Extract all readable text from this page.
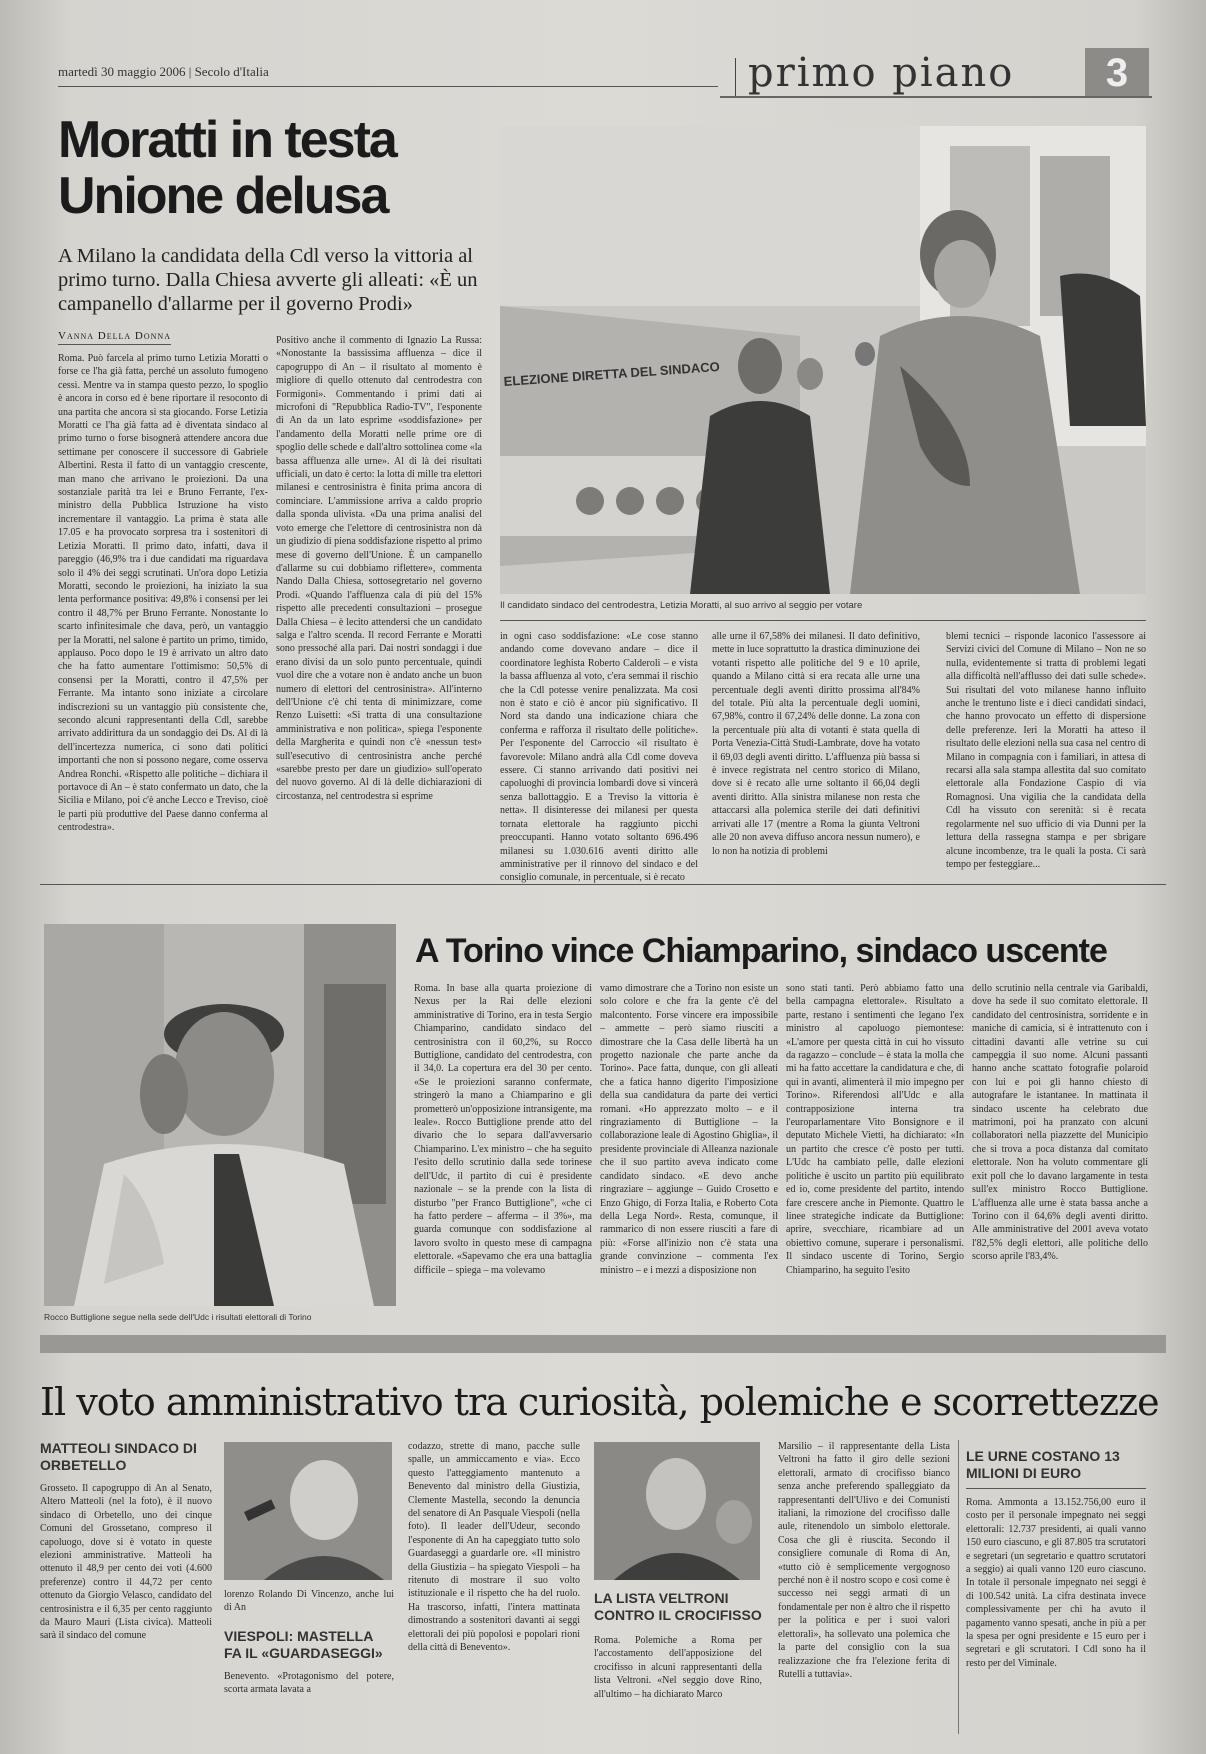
martedì 30 maggio 2006 | Secolo d'Italia	primo piano	3
Moratti in testa Unione delusa
A Milano la candidata della Cdl verso la vittoria al primo turno. Dalla Chiesa avverte gli alleati: «È un campanello d'allarme per il governo Prodi»
Vanna Della Donna
Roma. Può farcela al primo turno Letizia Moratti o forse ce l'ha già fatta, perché un assoluto fumogeno cessi. Mentre va in stampa questo pezzo, lo spoglio è ancora in corso ed è bene riportare il resoconto di una partita che ancora si sta giocando. Forse Letizia Moratti ce l'ha già fatta ad è diventata sindaco al primo turno o forse bisognerà attendere ancora due settimane per conoscere il successore di Gabriele Albertini. Resta il fatto di un vantaggio crescente, man mano che arrivano le proiezioni. Da una sostanziale parità tra lei e Bruno Ferrante, l'ex-ministro della Pubblica Istruzione ha visto incrementare il vantaggio. La prima è stata alle 17.05 e ha provocato sorpresa tra i sostenitori di Letizia Moratti. Il primo dato, infatti, dava il pareggio (46,9% tra i due candidati ma riguardava solo il 4% dei seggi scrutinati. Un'ora dopo Letizia Moratti, secondo le proiezioni, ha iniziato la sua lenta performance positiva: 49,8% i consensi per lei contro il 48,7% per Bruno Ferrante. Nonostante lo scarto infinitesimale che dava, però, un vantaggio per la Moratti, nel salone è partito un primo, timido, applauso. Poco dopo le 19 è arrivato un altro dato che ha fatto aumentare l'ottimismo: 50,5% di consensi per la Moratti, contro il 47,5% per Ferrante. Ma intanto sono iniziate a circolare indiscrezioni su un vantaggio più consistente che, secondo alcuni rappresentanti della Cdl, sarebbe arrivato addirittura da un sondaggio dei Ds. Al di là dell'incertezza numerica, ci sono dati politici importanti che non si possono negare, come osserva Andrea Ronchi. «Rispetto alle politiche – dichiara il portavoce di An – è stato confermato un dato, che la Sicilia e Milano, poi c'è anche Lecco e Treviso, cioè le parti più produttive del Paese danno conferma al centrodestra».
Positivo anche il commento di Ignazio La Russa: «Nonostante la bassissima affluenza – dice il capogruppo di An – il risultato al momento è migliore di quello ottenuto dal centrodestra con Formigoni». Commentando i primi dati ai microfoni di "Repubblica Radio-TV", l'esponente di An da un lato esprime «soddisfazione» per l'andamento della Moratti nelle prime ore di spoglio delle schede e dall'altro sottolinea come «la bassa affluenza alle urne». Al di là dei risultati ufficiali, un dato è certo: la lotta di mille tra elettori milanesi e centrosinistra è finita prima ancora di cominciare. L'ammissione arriva a caldo proprio dalla sponda ulivista. «Da una prima analisi del voto emerge che l'elettore di centrosinistra non dà un giudizio di piena soddisfazione rispetto al primo mese di governo dell'Unione. È un campanello d'allarme su cui dobbiamo riflettere», commenta Nando Dalla Chiesa, sottosegretario nel governo Prodi. «Quando l'affluenza cala di più del 15% rispetto alle precedenti consultazioni – prosegue Dalla Chiesa – è lecito attendersi che un candidato salga e l'altro scenda. Il record Ferrante e Moratti sono pressoché alla pari. Dai nostri sondaggi i due erano divisi da un solo punto percentuale, quindi vuol dire che a votare non è andato anche un buon numero di elettori del centrosinistra». All'interno dell'Unione c'è chi tenta di minimizzare, come Renzo Luisetti: «Si tratta di una consultazione amministrativa e non politica», spiega l'esponente della Margherita e quindi non c'è «nessun test» sull'esecutivo di centrosinistra anche perché «sarebbe presto per dare un giudizio» sull'operato del nuovo governo. Al di là delle dichiarazioni di circostanza, nel centrodestra si esprime
ELEZIONE DIRETTA DEL SINDACO
Il candidato sindaco del centrodestra, Letizia Moratti, al suo arrivo al seggio per votare
in ogni caso soddisfazione: «Le cose stanno andando come dovevano andare – dice il coordinatore leghista Roberto Calderoli – e vista la bassa affluenza al voto, c'era semmai il rischio che la Cdl potesse venire penalizzata. Ma così non è stato e ciò è ancor più significativo. Il Nord sta dando una indicazione chiara che conferma e rafforza il risultato delle politiche». Per l'esponente del Carroccio «il risultato è favorevole: Milano andrà alla Cdl come doveva essere. Ci stanno arrivando dati positivi nei capoluoghi di provincia lombardi dove si vincerà senza ballottaggio. E a Treviso la vittoria è netta». Il disinteresse dei milanesi per questa tornata elettorale ha raggiunto picchi preoccupanti. Hanno votato soltanto 696.496 milanesi su 1.030.616 aventi diritto alle amministrative per il rinnovo del sindaco e del consiglio comunale, in percentuale, si è recato
alle urne il 67,58% dei milanesi. Il dato definitivo, mette in luce soprattutto la drastica diminuzione dei votanti rispetto alle politiche del 9 e 10 aprile, quando a Milano città si era recata alle urne una percentuale degli aventi diritto prossima all'84% del totale. Più alta la percentuale degli uomini, 67,98%, contro il 67,24% delle donne. La zona con la percentuale più alta di votanti è stata quella di Porta Venezia-Città Studi-Lambrate, dove ha votato il 69,03 degli aventi diritto. L'affluenza più bassa si è invece registrata nel centro storico di Milano, dove si è recato alle urne soltanto il 66,04 degli aventi diritto. Alla sinistra milanese non resta che attaccarsi alla polemica sterile dei dati definitivi arrivati alle 17 (mentre a Roma la giunta Veltroni alle 20 non aveva diffuso ancora nessun numero), e lo non ha notizia di problemi
blemi tecnici – risponde laconico l'assessore ai Servizi civici del Comune di Milano – Non ne so nulla, evidentemente si tratta di problemi legati alla difficoltà nell'afflusso dei dati sulle schede». Sui risultati del voto milanese hanno influito anche le trentuno liste e i dieci candidati sindaci, che hanno provocato un effetto di dispersione delle preferenze. Ieri la Moratti ha atteso il risultato delle elezioni nella sua casa nel centro di Milano in compagnia con i familiari, in attesa di recarsi alla sala stampa allestita dal suo comitato elettorale alla Fondazione Caspio di via Romagnosi. Una vigilia che la candidata della Cdl ha vissuto con serenità: si è recata regolarmente nel suo ufficio di via Dunni per la lettura della rassegna stampa e per sbrigare alcune incombenze, tra le quali la posta. Ci sarà tempo per festeggiare...
Rocco Buttiglione segue nella sede dell'Udc i risultati elettorali di Torino
A Torino vince Chiamparino, sindaco uscente
Roma. In base alla quarta proiezione di Nexus per la Rai delle elezioni amministrative di Torino, era in testa Sergio Chiamparino, candidato sindaco del centrosinistra con il 60,2%, su Rocco Buttiglione, candidato del centrodestra, con il 34,0. La copertura era del 30 per cento. «Se le proiezioni saranno confermate, stringerò la mano a Chiamparino e gli prometterò un'opposizione intransigente, ma leale». Rocco Buttiglione prende atto del divario che lo separa dall'avversario Chiamparino. L'ex ministro – che ha seguito l'esito dello scrutinio dalla sede torinese dell'Udc, il partito di cui è presidente nazionale – se la prende con la lista di disturbo "per Franco Buttiglione", «che ci ha fatto perdere – afferma – il 3%», ma guarda comunque con soddisfazione al lavoro svolto in questo mese di campagna elettorale. «Sapevamo che era una battaglia difficile – spiega – ma volevamo
vamo dimostrare che a Torino non esiste un solo colore e che fra la gente c'è del malcontento. Forse vincere era impossibile – ammette – però siamo riusciti a dimostrare che la Casa delle libertà ha un progetto nazionale che parte anche da Torino». Pace fatta, dunque, con gli alleati che a fatica hanno digerito l'imposizione della sua candidatura da parte dei vertici romani. «Ho apprezzato molto – e il ringraziamento di Buttiglione – la collaborazione leale di Agostino Ghiglia», il presidente provinciale di Alleanza nazionale che il suo partito aveva indicato come candidato sindaco. «E devo anche ringraziare – aggiunge – Guido Crosetto e Enzo Ghigo, di Forza Italia, e Roberto Cota della Lega Nord». Resta, comunque, il rammarico di non essere riusciti a fare di più: «Forse all'inizio non c'è stata una grande convinzione – commenta l'ex ministro – e i mezzi a disposizione non
sono stati tanti. Però abbiamo fatto una bella campagna elettorale». Risultato a parte, restano i sentimenti che legano l'ex ministro al capoluogo piemontese: «L'amore per questa città in cui ho vissuto da ragazzo – conclude – è stata la molla che mi ha fatto accettare la candidatura e che, di qui in avanti, alimenterà il mio impegno per Torino». Riferendosi all'Udc e alla contrapposizione interna tra l'europarlamentare Vito Bonsignore e il deputato Michele Vietti, ha dichiarato: «In un partito che cresce c'è posto per tutti. L'Udc ha cambiato pelle, dalle elezioni politiche è uscito un partito più equilibrato ed io, come presidente del partito, intendo fare crescere anche in Piemonte. Quattro le linee strategiche indicate da Buttiglione: aprire, svecchiare, ricambiare ad un obiettivo comune, superare i personalismi. Il sindaco uscente di Torino, Sergio Chiamparino, ha seguito l'esito
dello scrutinio nella centrale via Garibaldi, dove ha sede il suo comitato elettorale. Il candidato del centrosinistra, sorridente e in maniche di camicia, si è intrattenuto con i cittadini davanti alle vetrine su cui campeggia il suo nome. Alcuni passanti hanno anche scattato fotografie polaroid con lui e poi gli hanno chiesto di autografare le istantanee. In mattinata il sindaco uscente ha celebrato due matrimoni, poi ha pranzato con alcuni collaboratori nella piazzette del Municipio che si trova a poca distanza dal comitato elettorale. Non ha voluto commentare gli exit poll che lo davano largamente in testa sull'ex ministro Rocco Buttiglione. L'affluenza alle urne è stata bassa anche a Torino con il 64,6% degli aventi diritto. Alle amministrative del 2001 aveva votato l'82,5% degli elettori, alle politiche dello scorso aprile l'83,4%.
Il voto amministrativo tra curiosità, polemiche e scorrettezze
MATTEOLI SINDACO DI ORBETELLO
Grosseto. Il capogruppo di An al Senato, Altero Matteoli (nel la foto), è il nuovo sindaco di Orbetello, uno dei cinque Comuni del Grossetano, compreso il capoluogo, dove si è votato in queste elezioni amministrative. Matteoli ha ottenuto il 48,9 per cento dei voti (4.600 preferenze) contro il 44,72 per cento ottenuto da Giorgio Velasco, candidato del centrosinistra e il 6,35 per cento raggiunto da Mauro Mauri (Lista civica). Matteoli sarà il sindaco del comune
lorenzo Rolando Di Vincenzo, anche lui di An
VIESPOLI: MASTELLA FA IL «GUARDASEGGI»
Benevento. «Protagonismo del potere, scorta armata lavata a
codazzo, strette di mano, pacche sulle spalle, un ammiccamento e via». Ecco questo l'atteggiamento mantenuto a Benevento dal ministro della Giustizia, Clemente Mastella, secondo la denuncia del senatore di An Pasquale Viespoli (nella foto). Il leader dell'Udeur, secondo l'esponente di An ha capeggiato tutto solo Guardaseggi a guardarle ore. «Il ministro della Giustizia – ha spiegato Viespoli – ha ritenuto di mostrare il suo volto istituzionale e il rispetto che ha del ruolo. Ha trascorso, infatti, l'intera mattinata dimostrando a sostenitori davanti ai seggi elettorali dei più popolosi e popolari rioni della città di Benevento».
LA LISTA VELTRONI CONTRO IL CROCIFISSO
Roma. Polemiche a Roma per l'accostamento dell'apposizione del crocifisso in alcuni rappresentanti della lista Veltroni. «Nel seggio dove Rino, all'ultimo – ha dichiarato Marco
Marsilio – il rappresentante della Lista Veltroni ha fatto il giro delle sezioni elettorali, armato di crocifisso bianco senza anche preferendo spalleggiato da rappresentanti dell'Ulivo e dei Comunisti italiani, la rimozione del crocifisso dalle aule, ritenendolo un simbolo elettorale. Cosa che gli è riuscita. Secondo il consigliere comunale di Roma di An, «tutto ciò è semplicemente vergognoso perché non è il nostro scopo e così come è successo nei seggi armati di un fondamentale per non è altro che il rispetto per la politica e per i suoi valori elettorali», ha sollevato una polemica che la parte del consiglio con la sua realizzazione che fra l'elezione ferita di Rutelli a tuttavia».
LE URNE COSTANO 13 MILIONI DI EURO
Roma. Ammonta a 13.152.756,00 euro il costo per il personale impegnato nei seggi elettorali: 12.737 presidenti, ai quali vanno 150 euro ciascuno, e gli 87.805 tra scrutatori e segretari (un segretario e quattro scrutatori a seggio) ai quali vanno 120 euro ciascuno. In totale il personale impegnato nei seggi è di 100.542 unità. La cifra destinata invece complessivamente per chi ha avuto il pagamento vanno spesati, anche in più a per la spesa per ogni presidente e 15 euro per i segretari e gli scrutatori. I Cdl sono ha il resto per del Viminale.
